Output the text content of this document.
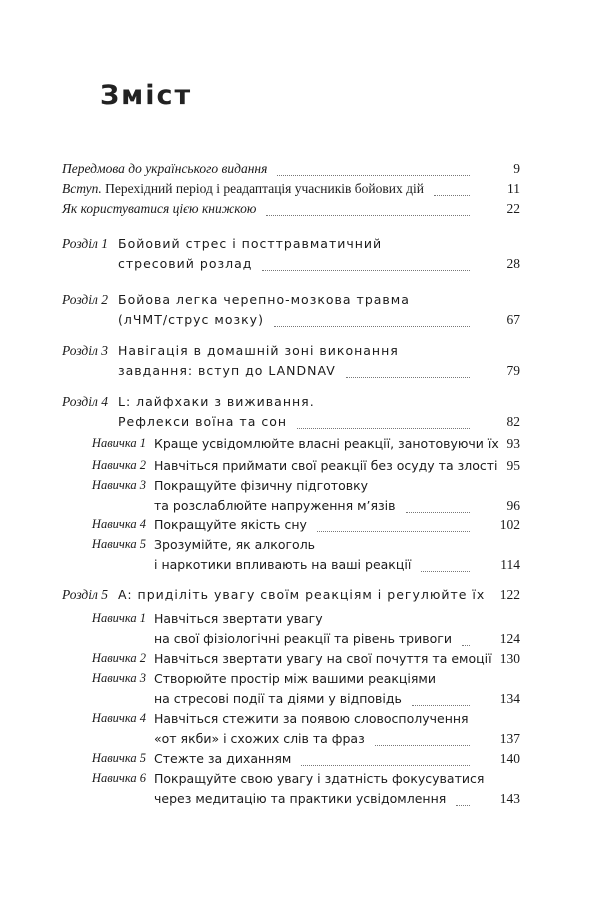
Зміст
Передмова до українського видання	9
Вступ. Перехідний період і реадаптація учасників бойових дій	11
Як користуватися цією книжкою	22
Розділ 1 Бойовий стрес і посттравматичний
стресовий розлад	28
Розділ 2 Бойова легка черепно-мозкова травма
(лЧМТ/струс мозку)	67
Розділ 3 Навігація в домашній зоні виконання
завдання: вступ до LANDNAV	79
Розділ 4 L: лайфхаки з виживання.
Рефлекси воїна та сон	82
Навичка 1 Краще усвідомлюйте власні реакції, занотовуючи їх 93
Навичка 2 Навчіться приймати свої реакції без осуду та злості 95
Навичка 3 Покращуйте фізичну підготовку
та розслаблюйте напруження м’язів	96
Навичка 4 Покращуйте якість сну	102
Навичка 5 Зрозумійте, як алкоголь
і наркотики впливають на ваші реакції	114
Розділ 5 A: приділіть увагу своїм реакціям і регулюйте їх 122
Навичка 1 Навчіться звертати увагу
на свої фізіологічні реакції та рівень тривоги	124
Навичка 2 Навчіться звертати увагу на свої почуття та емоції 130
Навичка 3 Створюйте простір між вашими реакціями
на стресові події та діями у відповідь	134
Навичка 4 Навчіться стежити за появою словосполучення
«от якби» і схожих слів та фраз	137
Навичка 5 Стежте за диханням	140
Навичка 6 Покращуйте свою увагу і здатність фокусуватися
через медитацію та практики усвідомлення	143
